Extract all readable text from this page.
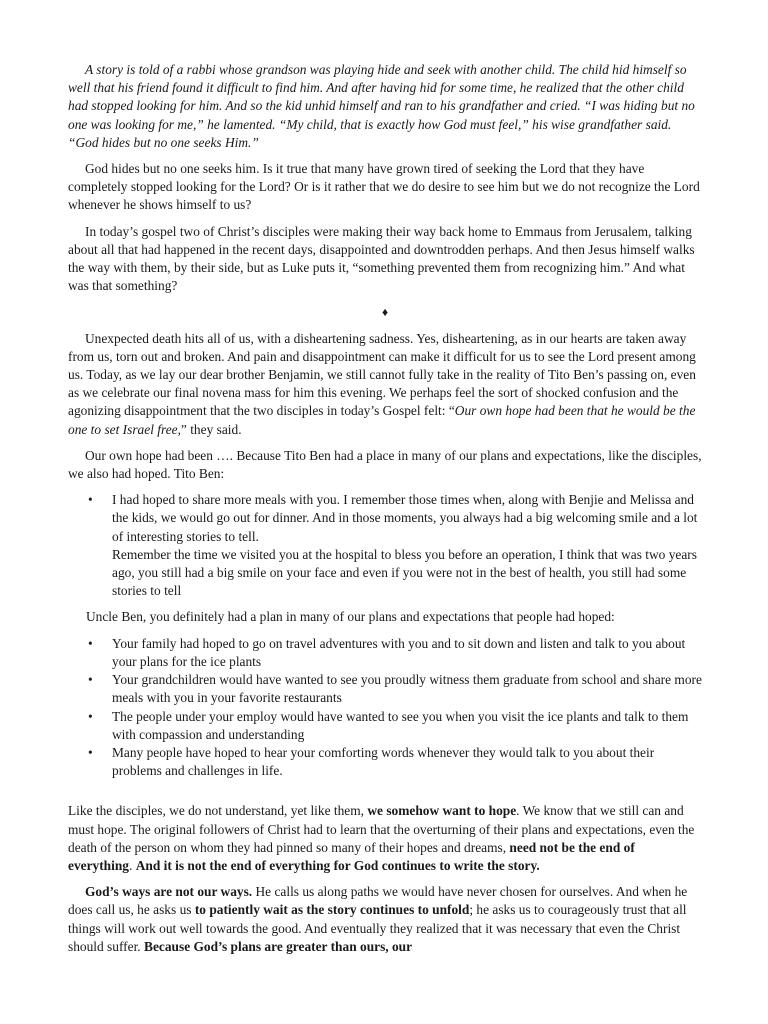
A story is told of a rabbi whose grandson was playing hide and seek with another child. The child hid himself so well that his friend found it difficult to find him. And after having hid for some time, he realized that the other child had stopped looking for him. And so the kid unhid himself and ran to his grandfather and cried. “I was hiding but no one was looking for me,” he lamented. “My child, that is exactly how God must feel,” his wise grandfather said. “God hides but no one seeks Him.”

God hides but no one seeks him. Is it true that many have grown tired of seeking the Lord that they have completely stopped looking for the Lord? Or is it rather that we do desire to see him but we do not recognize the Lord whenever he shows himself to us?

In today’s gospel two of Christ’s disciples were making their way back home to Emmaus from Jerusalem, talking about all that had happened in the recent days, disappointed and downtrodden perhaps. And then Jesus himself walks the way with them, by their side, but as Luke puts it, “something prevented them from recognizing him.” And what was that something?

♦

Unexpected death hits all of us, with a disheartening sadness. Yes, disheartening, as in our hearts are taken away from us, torn out and broken. And pain and disappointment can make it difficult for us to see the Lord present among us. Today, as we lay our dear brother Benjamin, we still cannot fully take in the reality of Tito Ben’s passing on, even as we celebrate our final novena mass for him this evening. We perhaps feel the sort of shocked confusion and the agonizing disappointment that the two disciples in today’s Gospel felt: “Our own hope had been that he would be the one to set Israel free,” they said.

Our own hope had been …. Because Tito Ben had a place in many of our plans and expectations, like the disciples, we also had hoped. Tito Ben:

• I had hoped to share more meals with you. I remember those times when, along with Benjie and Melissa and the kids, we would go out for dinner. And in those moments, you always had a big welcoming smile and a lot of interesting stories to tell.
Remember the time we visited you at the hospital to bless you before an operation, I think that was two years ago, you still had a big smile on your face and even if you were not in the best of health, you still had some stories to tell

Uncle Ben, you definitely had a plan in many of our plans and expectations that people had hoped:

• Your family had hoped to go on travel adventures with you and to sit down and listen and talk to you about your plans for the ice plants
• Your grandchildren would have wanted to see you proudly witness them graduate from school and share more meals with you in your favorite restaurants
• The people under your employ would have wanted to see you when you visit the ice plants and talk to them with compassion and understanding
• Many people have hoped to hear your comforting words whenever they would talk to you about their problems and challenges in life.

Like the disciples, we do not understand, yet like them, we somehow want to hope. We know that we still can and must hope. The original followers of Christ had to learn that the overturning of their plans and expectations, even the death of the person on whom they had pinned so many of their hopes and dreams, need not be the end of everything. And it is not the end of everything for God continues to write the story.

God’s ways are not our ways. He calls us along paths we would have never chosen for ourselves. And when he does call us, he asks us to patiently wait as the story continues to unfold; he asks us to courageously trust that all things will work out well towards the good. And eventually they realized that it was necessary that even the Christ should suffer. Because God’s plans are greater than ours, our
